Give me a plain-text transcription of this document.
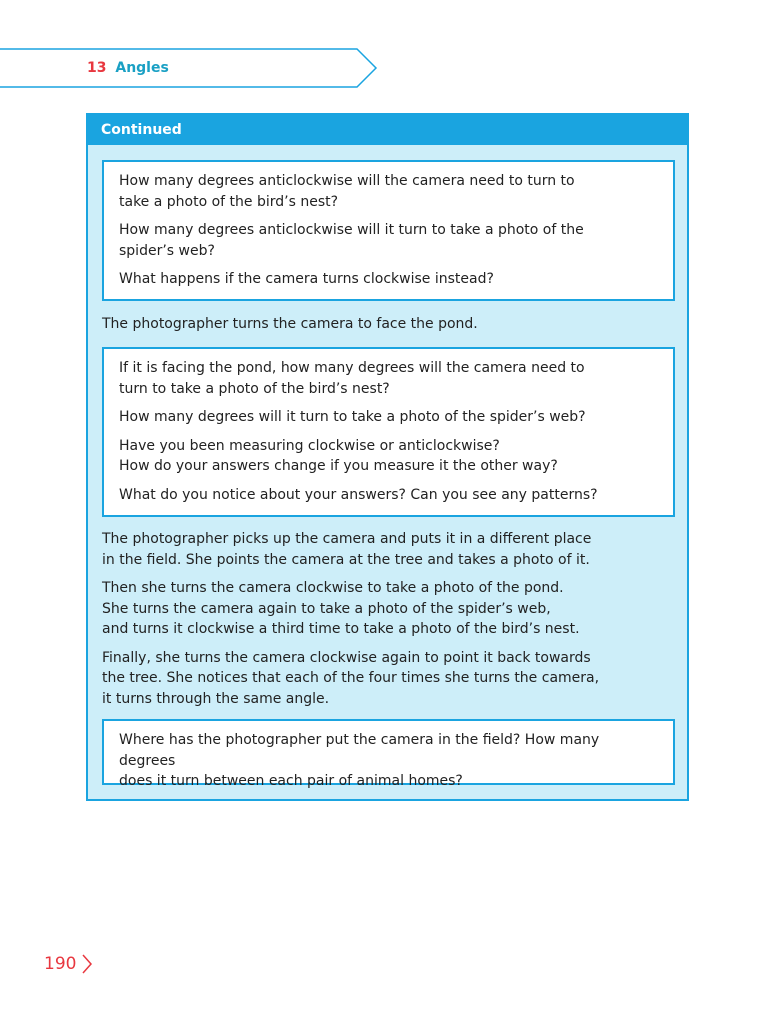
13 Angles
Continued

How many degrees anticlockwise will the camera need to turn to
take a photo of the bird’s nest?

How many degrees anticlockwise will it turn to take a photo of the
spider’s web?

What happens if the camera turns clockwise instead?

The photographer turns the camera to face the pond.

If it is facing the pond, how many degrees will the camera need to
turn to take a photo of the bird’s nest?

How many degrees will it turn to take a photo of the spider’s web?

Have you been measuring clockwise or anticlockwise?
How do your answers change if you measure it the other way?

What do you notice about your answers? Can you see any patterns?

The photographer picks up the camera and puts it in a different place
in the field. She points the camera at the tree and takes a photo of it.

Then she turns the camera clockwise to take a photo of the pond.
She turns the camera again to take a photo of the spider’s web,
and turns it clockwise a third time to take a photo of the bird’s nest.

Finally, she turns the camera clockwise again to point it back towards
the tree. She notices that each of the four times she turns the camera,
it turns through the same angle.

Where has the photographer put the camera in the field? How many degrees
does it turn between each pair of animal homes?

190
